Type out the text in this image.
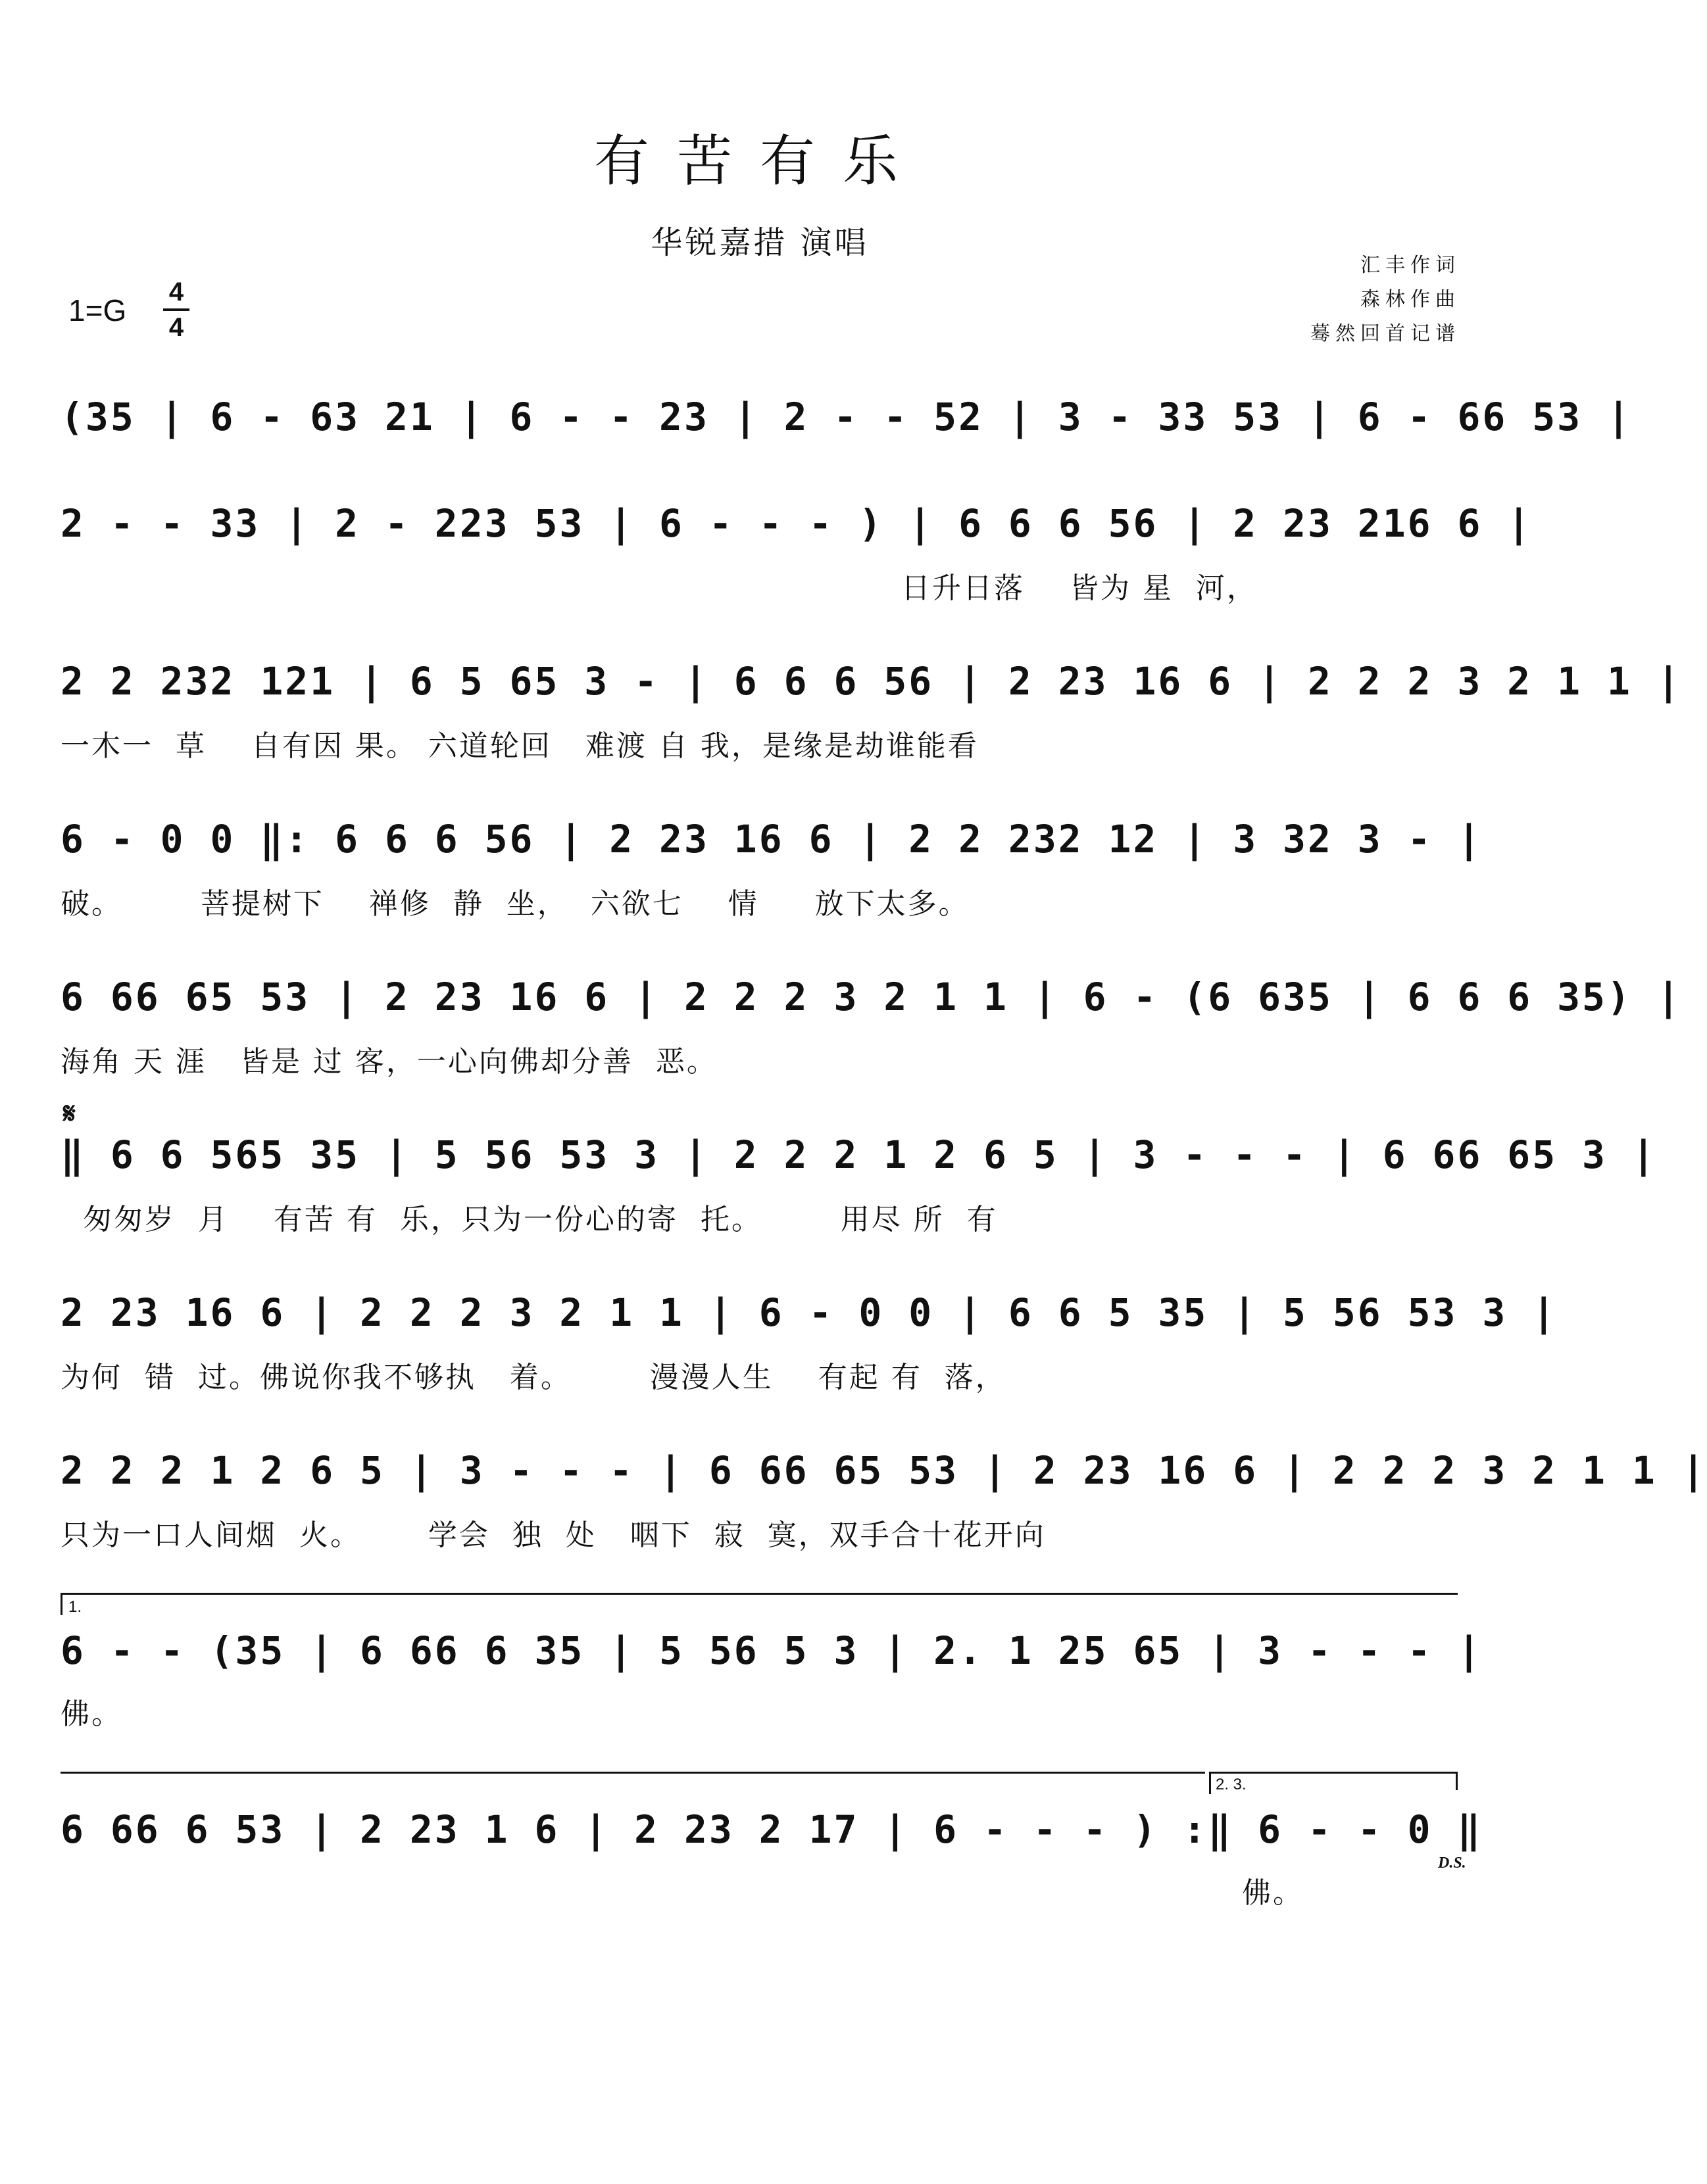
有苦有乐
华锐嘉措 演唱
汇丰作词
森林作曲
蓦然回首记谱
1=G
4
4
(35 | 6 - 63 21 | 6 - - 23 | 2 - - 52 | 3 - 33 53 | 6 - 66 53 |
2 - - 33 | 2 - 223 53 | 6 - - - ) | 6 6 6 56 | 2 23 216 6 |
日升日落    皆为 星  河，
2 2 232 121 | 6 5 65 3 - | 6 6 6 56 | 2 23 16 6 | 2 2 2 3 2 1 1 |
一木一  草    自有因 果。 六道轮回   难渡 自 我，是缘是劫谁能看
6 - 0 0 ‖: 6 6 6 56 | 2 23 16 6 | 2 2 232 12 | 3 32 3 - |
破。       菩提树下    禅修  静  坐，  六欲七    情     放下太多。
6 66 65 53 | 2 23 16 6 | 2 2 2 3 2 1 1 | 6 - (6 635 | 6 6 6 35) |
海角 天 涯   皆是 过 客，一心向佛却分善  恶。
𝄋
‖ 6 6 565 35 | 5 56 53 3 | 2 2 2 1 2 6 5 | 3 - - - | 6 66 65 3 |
匆匆岁  月    有苦 有  乐，只为一份心的寄  托。       用尽 所  有
2 23 16 6 | 2 2 2 3 2 1 1 | 6 - 0 0 | 6 6 5 35 | 5 56 53 3 |
为何  错  过。佛说你我不够执   着。       漫漫人生    有起 有  落，
2 2 2 1 2 6 5 | 3 - - - | 6 66 65 53 | 2 23 16 6 | 2 2 2 3 2 1 1 |
只为一口人间烟  火。      学会  独  处   咽下  寂  寞，双手合十花开向
1.
6 - - (35 | 6 66 6 35 | 5 56 5 3 | 2. 1 25 65 | 3 - - - |
佛。
2. 3.
6 66 6 53 | 2 23 1 6 | 2 23 2 17 | 6 - - - ) :‖ 6 - - 0 ‖
D.S.
佛。
